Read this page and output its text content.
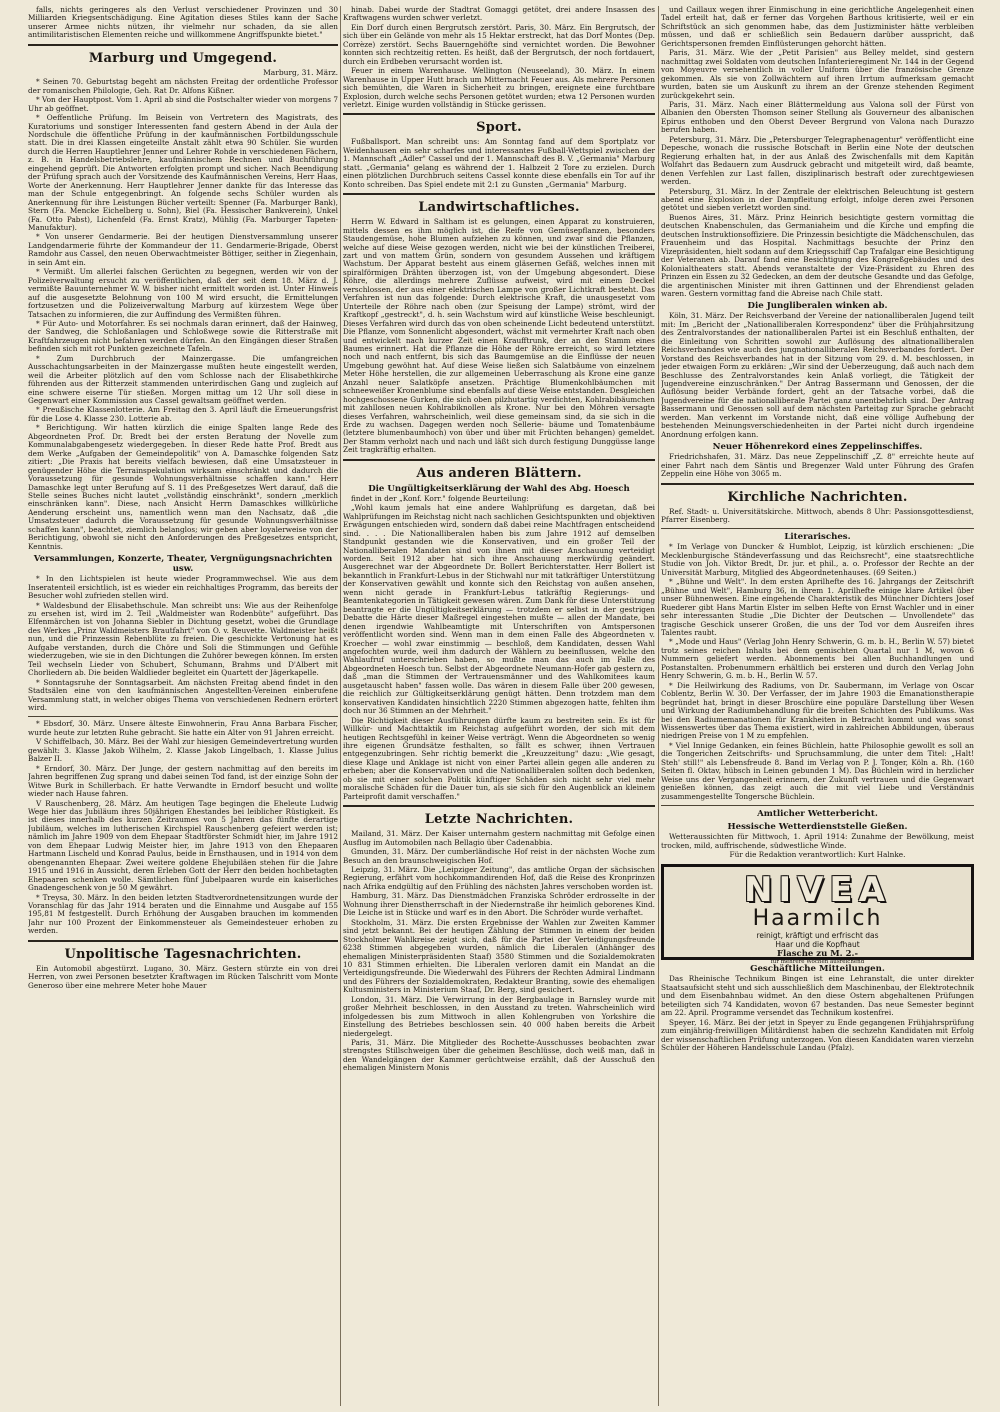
falls, nichts geringeres als den Verlust verschiedener Provinzen und 30 Milliarden Kriegsentschädigung. Eine Agitation dieses Stiles kann der Sache unserer Armee nichts nützen, ihr vielmehr nur schaden, da sie allen antimilitaristischen Elementen reiche und willkommene Angriffspunkte bietet."

Marburg und Umgegend.
Marburg, 31. März.

* Seinen 70. Geburtstag begeht am nächsten Freitag der ordentliche Professor der romanischen Philologie, Geh. Rat Dr. Alfons Kißner.

* Von der Hauptpost. Vom 1. April ab sind die Postschalter wieder von morgens 7 Uhr ab geöffnet.

* Oeffentliche Prüfung. Im Beisein von Vertretern des Magistrats, des Kuratoriums und sonstiger Interessenten fand gestern Abend in der Aula der Nordschule die öffentliche Prüfung in der kaufmännischen Fortbildungsschule statt. Die in drei Klassen eingeteilte Anstalt zählt etwa 90 Schüler. Sie wurden durch die Herren Hauptlehrer Jenner und Lehrer Rohde in verschiedenen Fächern, z. B. in Handelsbetriebslehre, kaufmännischem Rechnen und Buchführung eingehend geprüft. Die Antworten erfolgten prompt und sicher. Nach Beendigung der Prüfung sprach auch der Vorsitzende des Kaufmännischen Vereins, Herr Haas, Worte der Anerkennung. Herr Hauptlehrer Jenner dankte für das Interesse das man der Schule entgegenbringt. An folgende sechs Schüler wurden als Anerkennung für ihre Leistungen Bücher verteilt: Spenner (Fa. Marburger Bank), Stern (Fa. Mencke Eichelberg u. Sohn), Biel (Fa. Hessischer Bankverein), Unkel (Fa. Otto Pabst), Lichenfeld (Fa. Ernst Kratz), Mühlig (Fa. Marburger Tapeten-Manufaktur).

* Von unserer Gendarmerie. Bei der heutigen Dienstversammlung unserer Landgendarmerie führte der Kommandeur der 11. Gendarmerie-Brigade, Oberst Ramdohr aus Cassel, den neuen Oberwachtmeister Böttiger, seither in Ziegenhain, in sein Amt ein.

* Vermißt. Um allerlei falschen Gerüchten zu begegnen, werden wir von der Polizeiverwaltung ersucht zu veröffentlichen, daß der seit dem 18. März d. J. vermißte Bauunternehmer W. W. bisher nicht ermittelt worden ist. Unter Hinweis auf die ausgesetzte Belohnung von 100 M wird ersucht, die Ermittelungen fortzusetzen und die Polizeiverwaltung Marburg auf kürzestem Wege über Tatsachen zu informieren, die zur Auffindung des Vermißten führen.

* Für Auto- und Motorfahrer. Es sei nochmals daran erinnert, daß der Hainweg, der Sandweg, die Schloßanlagen und Schloßwege sowie die Ritterstraße mit Kraftfahrzeugen nicht befahren werden dürfen. An den Eingängen dieser Straßen befinden sich mit rot Punkten gezeichnete Tafeln.

* Zum Durchbruch der Mainzergasse. Die umfangreichen Ausschachtungsarbeiten in der Mainzergasse mußten heute eingestellt werden, weil die Arbeiter plötzlich auf den vom Schlosse nach der Elisabethkirche führenden aus der Ritterzeit stammenden unterirdischen Gang und zugleich auf eine schwere eiserne Tür stießen. Morgen mittag um 12 Uhr soll diese in Gegenwart einer Kommission aus Cassel gewaltsam geöffnet werden.

* Preußische Klassenlotterie. Am Freitag den 3. April läuft die Erneuerungsfrist für die Lose 4. Klasse 230. Lotterie ab.

* Berichtigung. Wir hatten kürzlich die einige Spalten lange Rede des Abgeordneten Prof. Dr. Bredt bei der ersten Beratung der Novelle zum Kommunalabgabengesetz wiedergegeben. In dieser Rede hatte Prof. Bredt aus dem Werke „Aufgaben der Gemeindepolitik" von A. Damaschke folgenden Satz zitiert: „Die Praxis hat bereits vielfach bewiesen, daß eine Umsatzsteuer in genügender Höhe die Terrainspekulation wirksam einschränkt und dadurch die Voraussetzung für gesunde Wohnungsverhältnisse schaffen kann." Herr Damaschke legt unter Berufung auf S. 11 des Preßgesetzes Wert darauf, daß die Stelle seines Buches nicht lautet „vollständig einschränkt", sondern „merklich einschränken kann". Diese, nach Ansicht Herrn Damaschkes willkürliche Aenderung erscheint uns, namentlich wenn man den Nachsatz, daß „die Umsatzsteuer dadurch die Voraussetzung für gesunde Wohnungsverhältnisse schaffen kann", beachtet, ziemlich belanglos; wir geben aber loyalerweise von der Berichtigung, obwohl sie nicht den Anforderungen des Preßgesetzes entspricht, Kenntnis.

Versammlungen, Konzerte, Theater, Vergnügungsnachrichten usw.

* In den Lichtspielen ist heute wieder Programmwechsel. Wie aus dem Inseratenteil ersichtlich, ist es wieder ein reichhaltiges Programm, das bereits der Besucher wohl zufrieden stellen wird.

* Waldesbund der Elisabethschule. Man schreibt uns: Wie aus der Reihenfolge zu ersehen ist, wird im 2. Teil „Waldmeister wan Rodenbüte" aufgeführt. Das Elfenmärchen ist von Johanna Siebler in Dichtung gesetzt, wobei die Grundlage des Werkes „Prinz Waldmeisters Brautfahrt" von O. v. Reuvette. Waldmeister heißt nun, und die Prinzessin Rebenblüte zu freien. Die geschickte Vertonung hat es Aufgabe verstanden, durch die Chöre und Soli die Stimmungen und Gefühle wiederzugeben, wie sie in den Dichtungen die Zuhörer bewegen können. Im ersten Teil wechseln Lieder von Schubert, Schumann, Brahms und D'Albert mit Chorliedern ab. Die beiden Waldlieder begleitet ein Quartett der Jägerkapelle.

* Sonntagsruhe der Sonntagsarbeit. Am nächsten Freitag abend findet in den Stadtsälen eine von den kaufmännischen Angestellten-Vereinen einberufene Versammlung statt, in welcher obiges Thema von verschiedenen Rednern erörtert wird.

* Ebsdorf, 30. März. Unsere älteste Einwohnerin, Frau Anna Barbara Fischer, wurde heute zur letzten Ruhe gebracht. Sie hatte ein Alter von 91 Jahren erreicht.

V Schiffelbach, 30. März. Bei der Wahl zur hiesigen Gemeindevertretung wurden gewählt: 3. Klasse Jakob Wilhelm, 2. Klasse Jakob Lingelbach, 1. Klasse Julius Balzer II.

* Erndorf, 30. März. Der Junge, der gestern nachmittag auf den bereits im Jahren begriffenen Zug sprang und dabei seinen Tod fand, ist der einzige Sohn der Witwe Burk in Schillerbach. Er hatte Verwandte in Erndorf besucht und wollte wieder nach Hause fahren.

V Rauschenberg, 28. März. Am heutigen Tage begingen die Eheleute Ludwig Wege hier das Jubiläum ihres 50jährigen Ehestandes bei leiblicher Rüstigkeit. Es ist dieses innerhalb des kurzen Zeitraumes von 5 Jahren das fünfte derartige Jubiläum, welches im lutherischen Kirchspiel Rauschenberg gefeiert werden ist; nämlich im Jahre 1909 von dem Ehepaar Stadtförster Schmidt hier, im Jahre 1912 von dem Ehepaar Ludwig Meister hier, im Jahre 1913 von den Ehepaaren Hartmann Lischeld und Konrad Paulus, beide in Ernsthausen, und in 1914 von dem obengenannten Ehepaar. Zwei weitere goldene Ehejubiläen stehen für die Jahre 1915 und 1916 in Aussicht, deren Erleben Gott der Herr den beiden hochbetagten Ehepaaren schenken wolle. Sämtlichen fünf Jubelpaaren wurde ein kaiserliches Gnadengeschenk von je 50 M gewährt.

* Treysa, 30. März. In den beiden letzten Stadtverordnetensitzungen wurde der Voranschlag für das Jahr 1914 beraten und die Einnahme und Ausgabe auf 155 195,81 M festgestellt. Durch Erhöhung der Ausgaben brauchen im kommenden Jahr nur 100 Prozent der Einkommensteuer als Gemeindesteuer erhoben zu werden.

Unpolitische Tagesnachrichten.

Ein Automobil abgestürzt. Lugano, 30. März. Gestern stürzte ein von drei Herren, von zwei Personen besetzter Kraftwagen im Rücken Talschritt vom Monte Generoso über eine mehrere Meter hohe Mauer

hinab. Dabei wurde der Stadtrat Gomaggi getötet, drei andere Insassen des Kraftwagens wurden schwer verletzt.

Ein Dorf durch einen Bergrutsch zerstört. Paris, 30. März. Ein Bergrutsch, der sich über ein Gelände von mehr als 15 Hektar erstreckt, hat das Dorf Montes (Dep. Corrèze) zerstört. Sechs Bauerngehöfte sind vernichtet worden. Die Bewohner konnten sich rechtzeitig retten. Es heißt, daß der Bergrutsch, der noch fortdauert, durch ein Erdbeben verursacht worden ist.

Feuer in einem Warenhause. Wellington (Neuseeland), 30. März. In einem Warenhause in Upper Hutt brach um Mitternacht Feuer aus. Als mehrere Personen sich bemühten, die Waren in Sicherheit zu bringen, ereignete eine furchtbare Explosion, durch welche sechs Personen getötet wurden; etwa 12 Personen wurden verletzt. Einige wurden vollständig in Stücke gerissen.

Sport.

Fußballsport. Man schreibt uns: Am Sonntag fand auf dem Sportplatz vor Weidenhausen ein sehr scharfes und interessantes Fußball-Wettspiel zwischen der 1. Mannschaft „Adler" Cassel und der 1. Mannschaft des B. V. „Germania" Marburg statt. „Germania" gelang es während der 1. Halbzeit 2 Tore zu erzielen. Durch einen plötzlichen Durchbruch seitens Cassel konnte diese ebenfalls ein Tor auf ihr Konto schreiben. Das Spiel endete mit 2:1 zu Gunsten „Germania" Marburg.

Landwirtschaftliches.

Herrn W. Edward in Saltham ist es gelungen, einen Apparat zu konstruieren, mittels dessen es ihm möglich ist, die Reife von Gemüsepflanzen, besonders Staudengemüse, hohe Blumen aufziehen zu können, und zwar sind die Pflanzen, welche auf diese Weise gezogen werden, nicht wie bei der künstlichen Treiberei, zart und von mattem Grün, sondern von gesundem Aussehen und kräftigem Wachstum. Der Apparat besteht aus einem gläsernen Gefäß, welches innen mit spiralförmigen Drähten überzogen ist, von der Umgebung abgesondert. Diese Röhre, die allerdings mehrere Zuflüsse aufweist, wird mit einem Deckel verschlossen, der aus einer elektrischen Lampe von großer Lichtkraft besteht. Das Verfahren ist nun das folgende: Durch elektrische Kraft, die unausgesetzt vom Unterteile der Röhre nach oben (zur Speisung der Lampe) strömt, wird der Kraftkopf „gestreckt", d. h. sein Wachstum wird auf künstliche Weise beschleunigt. Dieses Verfahren wird durch das von oben scheinende Licht bedeutend unterstützt. Die Pflanze, vom Sonnenlicht abgesondert, wächst mit vermehrter Kraft nach oben und entwickelt nach kurzer Zeit einen Kraufftrunk, der an den Stamm eines Baumes erinnert. Hat die Pflanze die Höhe der Röhre erreicht, so wird letztere noch und nach entfernt, bis sich das Baumgemüse an die Einflüsse der neuen Umgebung gewöhnt hat. Auf diese Weise ließen sich Salatbäume von einzelnem Meter Höhe herstellen, die zur allgemeinen Ueberraschung als Krone eine ganze Anzahl neuer Salatköpfe ansetzen. Prächtige Blumenkohlbäumchen mit schneeweißer Kronenblume sind ebenfalls auf diese Weise entstanden. Desgleichen hochgeschossene Gurken, die sich oben pilzhutartig verdichten, Kohlrabibäumchen mit zahllosen neuen Kohlrabiknollen als Krone. Nur bei den Möhren versagte dieses Verfahren, wahrscheinlich, weil diese gemeinsam sind, da sie sich in die Erde zu wachsen. Dagegen werden noch Sellerie- bäume und Tomatenbäume (letztere blumenbaumhoch) von über und über mit Früchten behangen) gemeldet. Der Stamm verholzt nach und nach und läßt sich durch festigung Dunggüsse lange Zeit tragkräftig erhalten.

Aus anderen Blättern.
Die Ungültigkeitserklärung der Wahl des Abg. Hoesch

findet in der „Konf. Korr." folgende Beurteilung:

„Wohl kaum jemals hat eine andere Wahlprüfung es dargetan, daß bei Wahlprüfungen im Reichstag nicht nach sachlichen Gesichtspunkten und objektiven Erwägungen entschieden wird, sondern daß dabei reine Machtfragen entscheidend sind. . . . Die Nationalliberalen haben bis zum Jahre 1912 auf demselben Standpunkt gestanden wie die Konservativen, und ein großer Teil der Nationalliberalen Mandaten sind von ihnen mit dieser Anschauung verteidigt worden. Seit 1912 aber hat sich ihre Anschauung merkwürdig geändert. Ausgerechnet war der Abgeordnete Dr. Bollert Berichterstatter. Herr Bollert ist bekanntlich in Frankfurt-Lebus in der Stichwahl nur mit tatkräftiger Unterstützung der Konservativen gewählt und konnte sich den Reichstag von außen ansehen, wenn nicht gerade in Frankfurt-Lebus tatkräftig Regierungs- und Beamtenkategorien in Tätigkeit gewesen wären. Zum Dank für diese Unterstützung beantragte er die Ungültigkeitserklärung — trotzdem er selbst in der gestrigen Debatte die Härte dieser Maßregel eingestehen mußte — allen der Mandate, bei denen irgendwie Wahlbeamtigte mit Unterschriften von Amtspersonen veröffentlicht worden sind. Wenn man in dem einen Falle des Abgeordneten v. Kroecher — wohl zwar einstimmig — beschloß, dem Kandidaten, dessen Wahl angefochten wurde, weil ihm dadurch der Wählern zu beeinflussen, welche den Wahlaufruf unterschrieben haben, so mußte man das auch im Falle des Abgeordneten Hoesch tun. Selbst der Abgeordnete Neumann-Hofer gab gestern zu, daß „man die Stimmen der Vertrauensmänner und des Wahlkomitees kaum ausgetauscht haben" fassen wolle. Das wären in diesem Falle über 200 gewesen, die reichlich zur Gültigkeitserklärung genügt hätten. Denn trotzdem man dem konservativen Kandidaten hinsichtlich 2220 Stimmen abgezogen hatte, fehlten ihm doch nur 36 Stimmen an der Mehrheit."

Die Richtigkeit dieser Ausführungen dürfte kaum zu bestreiten sein. Es ist für Willkür- und Machttaktik im Reichstag aufgeführt worden, der sich mit dem heutigen Rechtsgefühl in keiner Weise verträgt. Wenn die Abgeordneten so wenig ihre eigenen Grundsätze festhalten, so fällt es schwer, ihnen Vertrauen entgegenzubringen. Sehr richtig bemerkt die „Kreuzzeitung" dazu: „Wie gesagt, diese Klage und Anklage ist nicht von einer Partei allein gegen alle anderen zu erheben; aber die Konservativen und die Nationalliberalen sollten doch bedenken, ob sie mit einer solchen Politik künftiger Schäden sich nicht sehr viel mehr moralische Schäden für die Dauer tun, als sie sich für den Augenblick an kleinem Parteiprofit damit verschaffen."

Letzte Nachrichten.

Mailand, 31. März. Der Kaiser unternahm gestern nachmittag mit Gefolge einen Ausflug im Automobilen nach Bellagio über Cadenabbia.

Gmunden, 31. März. Der cumberländische Hof reist in der nächsten Woche zum Besuch an den braunschweigischen Hof.

Leipzig, 31. März. Die „Leipziger Zeitung", das amtliche Organ der sächsischen Regierung, erfährt vom hochkommandirenden Hof, daß die Reise des Kronprinzen nach Afrika endgültig auf den Frühling des nächsten Jahres verschoben worden ist.

Hamburg, 31. März. Das Dienstmädchen Franziska Schröder erdrosselte in der Wohnung ihrer Dienstherrschaft in der Niedernstraße ihr heimlich geborenes Kind. Die Leiche ist in Stücke und warf es in den Abort. Die Schröder wurde verhaftet.

Stockholm, 31. März. Die ersten Ergebnisse der Wahlen zur Zweiten Kammer sind jetzt bekannt. Bei der heutigen Zählung der Stimmen in einem der beiden Stockholmer Wahlkreise zeigt sich, daß für die Partei der Verteidigungsfreunde 6238 Stimmen abgegeben wurden, nämlich die Liberalen (Anhänger des ehemaligen Ministerpräsidenten Staaf) 3580 Stimmen und die Sozialdemokraten 10 831 Stimmen erhielten. Die Liberalen verloren damit ein Mandat an die Verteidigungsfreunde. Die Wiederwahl des Führers der Rechten Admiral Lindmann und des Führers der Sozialdemokraten, Redakteur Branting, sowie des ehemaligen Kultusministers in Ministerium Staaf, Dr. Berg, sind gesichert.

London, 31. März. Die Verwirrung in der Bergbaulage in Barnsley wurde mit großer Mehrheit beschlossen, in den Ausstand zu treten. Wahrscheinlich wird infolgedessen bis zum Mittwoch in allen Kohlengruben von Yorkshire die Einstellung des Betriebes beschlossen sein. 40 000 haben bereits die Arbeit niedergelegt.

Paris, 31. März. Die Mitglieder des Rochette-Ausschusses beobachten zwar strengstes Stillschweigen über die geheimen Beschlüsse, doch weiß man, daß in den Wandelgängen der Kammer gerüchtweise erzählt, daß der Ausschuß den ehemaligen Ministern Monis

und Caillaux wegen ihrer Einmischung in eine gerichtliche Angelegenheit einen Tadel erteilt hat, daß er ferner das Vorgehen Barthous kritisierte, weil er ein Schriftstück an sich genommen habe, das dem Justizminister hätte verbleiben müssen, und daß er schließlich sein Bedauern darüber ausspricht, daß Gerichtspersonen fremden Einflüsterungen gehorcht hätten.

Paris, 31. März. Wie der „Petit Parisien" aus Belley meldet, sind gestern nachmittag zwei Soldaten vom deutschen Infanterieregiment Nr. 144 in der Gegend von Moyeuvre versehentlich in voller Uniform über die französische Grenze gekommen. Als sie von Zollwächtern auf ihren Irrtum aufmerksam gemacht wurden, baten sie um Auskunft zu ihrem an der Grenze stehenden Regiment zurückgekehrt sein.

Paris, 31. März. Nach einer Blättermeldung aus Valona soll der Fürst von Albanien den Obersten Thomson seiner Stellung als Gouverneur des albanischen Epirus enthoben und den Oberst Deveer Bergrund von Valona nach Durazzo berufen haben.

Petersburg, 31. März. Die „Petersburger Telegraphenagentur" veröffentlicht eine Depesche, wonach die russische Botschaft in Berlin eine Note der deutschen Regierung erhalten hat, in der aus Anlaß des Zwischenfalls mit dem Kapitän Wolfahrt das Bedauern zum Ausdruck gebracht und mitgeteilt wird, daß beamte, denen Verfehlen zur Last fallen, disziplinarisch bestraft oder zurechtgewiesen werden.

Petersburg, 31. März. In der Zentrale der elektrischen Beleuchtung ist gestern abend eine Explosion in der Dampfleitung erfolgt, infolge deren zwei Personen getötet und sieben verletzt worden sind.

Buenos Aires, 31. März. Prinz Heinrich besichtigte gestern vormittag die deutschen Knabenschulen, das Germaniaheim und die Kirche und empfing die deutschen Instruktionsoffiziere. Die Prinzessin besichtigte die Mädchenschulen, das Frauenheim und das Hospital. Nachmittags besuchte der Prinz den Vizepräsidenten, hielt sodann auf dem Kriegsschiff Cap Trafalgar eine Besichtigung der Veteranen ab. Darauf fand eine Besichtigung des Kongreßgebäudes und des Kolonialtheaters statt. Abends veranstaltete der Vize-Präsident zu Ehren des Prinzen ein Essen zu 32 Gedecken, an dem der deutsche Gesandte und das Gefolge, die argentinischen Minister mit ihren Gattinnen und der Ehrendienst geladen waren. Gestern vormittag fand die Abreise nach Chile statt.

Die Jungliberalen winken ab.

Köln, 31. März. Der Reichsverband der Vereine der nationalliberalen Jugend teilt mit: Im „Bericht der „Nationalliberalen Korrespondenz" über die Frühjahrsitzung des Zentralvorstandes der nationalliberalen Partei ist ein Beschluß enthalten, der die Einleitung von Schritten sowohl zur Auflösung des altnationalliberalen Reichsverbandes wie auch des jungnationalliberalen Reichsverbandes fordert. Der Vorstand des Reichsverbandes hat in der Sitzung vom 29. d. M. beschlossen, in jeder etwaigen Form zu erklären: „Wir sind der Ueberzeugung, daß auch nach dem Beschlusse des Zentralvorstandes kein Anlaß vorliegt, die Tätigkeit der Jugendvereine einzuschränken." Der Antrag Bassermann und Genossen, der die Auflösung beider Verbände fordert, geht an der Tatsache vorbei, daß die Jugendvereine für die nationalliberale Partei ganz unentbehrlich sind. Der Antrag Bassermann und Genossen soll auf dem nächsten Parteitag zur Sprache gebracht werden. Man verkennt im Vorstande nicht, daß eine völlige Aufhebung der bestehenden Meinungsverschiedenheiten in der Partei nicht durch irgendeine Anordnung erfolgen kann.

Neuer Höhenrekord eines Zeppelinschiffes.

Friedrichshafen, 31. März. Das neue Zeppelinschiff „Z. 8" erreichte heute auf einer Fahrt nach dem Säntis und Bregenzer Wald unter Führung des Grafen Zeppelin eine Höhe von 3065 m.

Kirchliche Nachrichten.

Ref. Stadt- u. Universitätskirche. Mittwoch, abends 8 Uhr: Passionsgottesdienst, Pfarrer Eisenberg.

Literarisches.

* Im Verlage von Duncker & Humblot, Leipzig, ist kürzlich erschienen: „Die Mecklenburgische Ständeverfassung und das Reichsrecht", eine staatsrechtliche Studie von Joh. Viktor Bredt, Dr. jur. et phil., a. o. Professor der Rechte an der Universität Marburg, Mitglied des Abgeordnetenhauses. (69 Seiten.)

* „Bühne und Welt". In dem ersten Aprilhefte des 16. Jahrgangs der Zeitschrift „Bühne und Welt", Hamburg 36, in ihrem 1. Aprilhefte einige klare Artikel über unser Bühnenwesen. Eine eingehende Charakteristik des Münchner Dichters Josef Ruederer gibt Hans Martin Elster im selben Hefte von Ernst Wachler und in einer sehr interessanten Studie „Die Dichter der Deutschen — Unvollendete" das tragische Geschick unserer Großen, die uns der Tod vor dem Ausreifen ihres Talentes raubt.

* „Mode und Haus" (Verlag John Henry Schwerin, G. m. b. H., Berlin W. 57) bietet trotz seines reichen Inhalts bei dem gemischten Quartal nur 1 M, wovon 6 Nummern geliefert werden. Abonnements bei allen Buchhandlungen und Postanstalten. Probenummern erhältlich bei ersteren und durch den Verlag John Henry Schwerin, G. m. b. H., Berlin W. 57.

* Die Heilwirkung des Radiums, von Dr. Saubermann, im Verlage von Oscar Coblentz, Berlin W. 30. Der Verfasser, der im Jahre 1903 die Emanationstherapie begründet hat, bringt in dieser Broschüre eine populäre Darstellung über Wesen und Wirkung der Radiumbehandlung für die breiten Schichten des Publikums. Was bei den Radiumemanationen für Krankheiten in Betracht kommt und was sonst Wissenswertes über das Thema existiert, wird in zahlreichen Abbildungen, überaus niedrigen Preise von 1 M zu empfehlen.

* Viel Innige Gedanken, ein feines Büchlein, hatte Philosophie gewollt es soll an die Tongerichen Zeitschrifts- und Spruchsammlung, die unter dem Titel: „Halt! Steh' still!" als Lebensfreude 8. Band im Verlag von P. J. Tonger, Köln a. Rh. (160 Seiten fl. Oktav, hübsch in Leinen gebunden 1 M). Das Büchlein wird in herzlicher Weise uns der Vergangenheit erinnern, der Zukunft vertrauen und die Gegenwart genießen können, das zeigt auch die mit viel Liebe und Verständnis zusammengestellte Tongersche Büchlein.

Amtlicher Wetterbericht.
Hessische Wetterdienststelle Gießen.

Wetteraussichten für Mittwoch, 1. April 1914: Zunahme der Bewölkung, meist trocken, mild, auffrischende, südwestliche Winde.

Für die Redaktion verantwortlich: Kurt Halnke.

NIVEA
Haarmilch
reinigt, kräftigt und erfrischt das
Haar und die Kopfhaut
Flasche zu M. 2.-
für mehrere Wochen ausreichend
Geschäftliche Mitteilungen.

Das Rheinische Technikum Bingen ist eine Lehranstalt, die unter direkter Staatsaufsicht steht und sich ausschließlich dem Maschinenbau, der Elektrotechnik und dem Eisenbahnbau widmet. An den diese Ostern abgehaltenen Prüfungen beteiligten sich 74 Kandidaten, wovon 67 bestanden. Das neue Semester beginnt am 22. April. Programme versendet das Technikum kostenfrei.

Speyer, 16. März. Bei der jetzt in Speyer zu Ende gegangenen Frühjahrsprüfung zum einjährig-freiwilligen Militärdienst haben die sechzehn Kandidaten mit Erfolg der wissenschaftlichen Prüfung unterzogen. Von diesen Kandidaten waren vierzehn Schüler der Höheren Handelsschule Landau (Pfalz).
